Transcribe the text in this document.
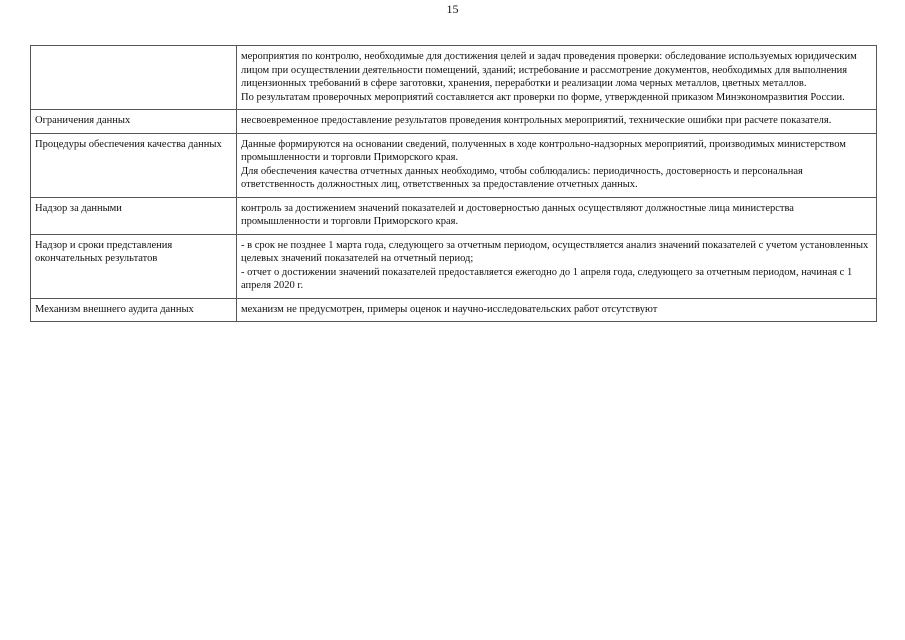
15

	мероприятия по контролю, необходимые для достижения целей и задач проведения проверки: обследование используемых юридическим лицом при осуществлении деятельности помещений, зданий; истребование и рассмотрение документов, необходимых для выполнения лицензионных требований в сфере заготовки, хранения, переработки и реализации лома черных металлов, цветных металлов.
По результатам проверочных мероприятий составляется акт проверки по форме, утвержденной приказом Минэкономразвития России.

Ограничения данных	несвоевременное предоставление результатов проведения контрольных мероприятий, технические ошибки при расчете показателя.

Процедуры обеспечения качества данных	Данные формируются на основании сведений, полученных в ходе контрольно-надзорных мероприятий, производимых министерством промышленности и торговли Приморского края.
Для обеспечения качества отчетных данных необходимо, чтобы соблюдались: периодичность, достоверность и персональная ответственность должностных лиц, ответственных за предоставление отчетных данных.

Надзор за данными	контроль за достижением значений показателей и достоверностью данных осуществляют должностные лица министерства промышленности и торговли Приморского края.

Надзор и сроки представления окончательных результатов	- в срок не позднее 1 марта года, следующего за отчетным периодом, осуществляется анализ значений показателей с учетом установленных целевых значений показателей на отчетный период;
- отчет о достижении значений показателей предоставляется ежегодно до 1 апреля года, следующего за отчетным периодом, начиная с 1 апреля 2020 г.

Механизм внешнего аудита данных	механизм не предусмотрен, примеры оценок и научно-исследовательских работ отсутствуют
